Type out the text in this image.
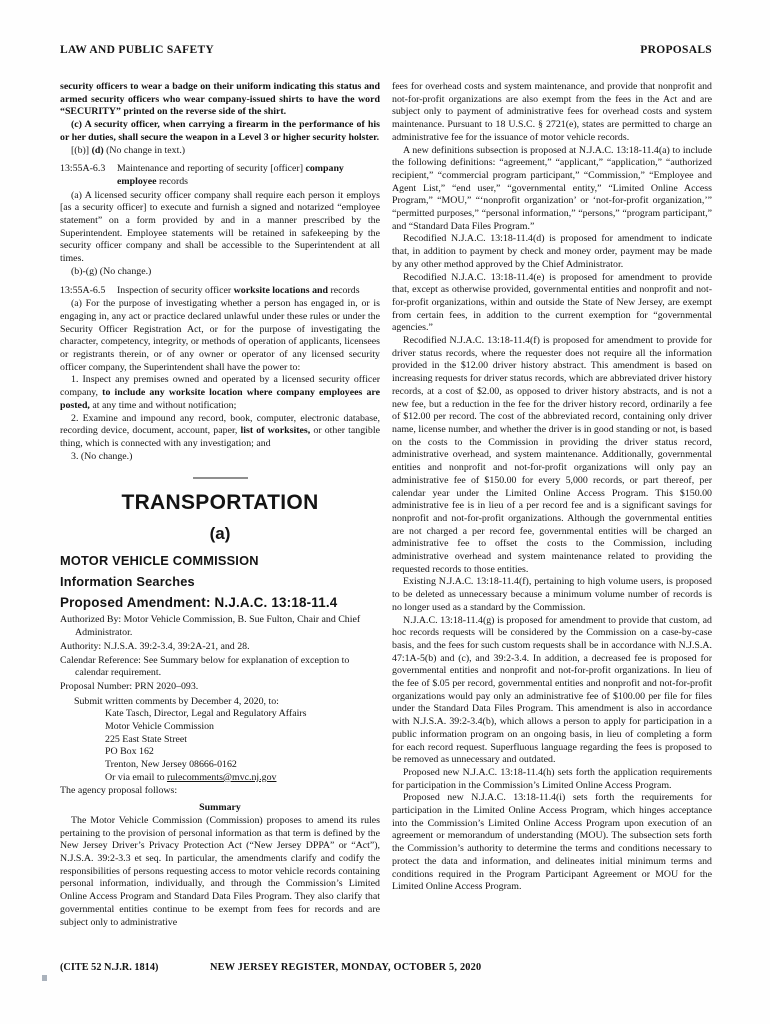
LAW AND PUBLIC SAFETY	PROPOSALS

security officers to wear a badge on their uniform indicating this status and armed security officers who wear company-issued shirts to have the word “SECURITY” printed on the reverse side of the shirt.

(c) A security officer, when carrying a firearm in the performance of his or her duties, shall secure the weapon in a Level 3 or higher security holster.

[(b)] (d) (No change in text.)

13:55A-6.3	Maintenance and reporting of security [officer] company employee records

(a) A licensed security officer company shall require each person it employs [as a security officer] to execute and furnish a signed and notarized “employee statement” on a form provided by and in a manner prescribed by the Superintendent. Employee statements will be retained in safekeeping by the security officer company and shall be accessible to the Superintendent at all times.

(b)-(g) (No change.)

13:55A-6.5	Inspection of security officer worksite locations and records

(a) For the purpose of investigating whether a person has engaged in, or is engaging in, any act or practice declared unlawful under these rules or under the Security Officer Registration Act, or for the purpose of investigating the character, competency, integrity, or methods of operation of applicants, licensees or registrants therein, or of any owner or operator of any licensed security officer company, the Superintendent shall have the power to:

1. Inspect any premises owned and operated by a licensed security officer company, to include any worksite location where company employees are posted, at any time and without notification;

2. Examine and impound any record, book, computer, electronic database, recording device, document, account, paper, list of worksites, or other tangible thing, which is connected with any investigation; and

3. (No change.)

TRANSPORTATION
(a)
MOTOR VEHICLE COMMISSION
Information Searches
Proposed Amendment: N.J.A.C. 13:18-11.4

Authorized By: Motor Vehicle Commission, B. Sue Fulton, Chair and Chief Administrator.

Authority: N.J.S.A. 39:2-3.4, 39:2A-21, and 28.

Calendar Reference: See Summary below for explanation of exception to calendar requirement.

Proposal Number: PRN 2020–093.

Submit written comments by December 4, 2020, to:

Kate Tasch, Director, Legal and Regulatory Affairs
Motor Vehicle Commission
225 East State Street
PO Box 162
Trenton, New Jersey 08666-0162
Or via email to rulecomments@mvc.nj.gov

The agency proposal follows:

Summary

The Motor Vehicle Commission (Commission) proposes to amend its rules pertaining to the provision of personal information as that term is defined by the New Jersey Driver’s Privacy Protection Act (“New Jersey DPPA” or “Act”), N.J.S.A. 39:2-3.3 et seq. In particular, the amendments clarify and codify the responsibilities of persons requesting access to motor vehicle records containing personal information, individually, and through the Commission’s Limited Online Access Program and Standard Data Files Program. They also clarify that governmental entities continue to be exempt from fees for records and are subject only to administrative

fees for overhead costs and system maintenance, and provide that nonprofit and not-for-profit organizations are also exempt from the fees in the Act and are subject only to payment of administrative fees for overhead costs and system maintenance. Pursuant to 18 U.S.C. § 2721(e), states are permitted to charge an administrative fee for the issuance of motor vehicle records.

A new definitions subsection is proposed at N.J.A.C. 13:18-11.4(a) to include the following definitions: “agreement,” “applicant,” “application,” “authorized recipient,” “commercial program participant,” “Commission,” “Employee and Agent List,” “end user,” “governmental entity,” “Limited Online Access Program,” “MOU,” “‘nonprofit organization’ or ‘not-for-profit organization,’” “permitted purposes,” “personal information,” “persons,” “program participant,” and “Standard Data Files Program.”

Recodified N.J.A.C. 13:18-11.4(d) is proposed for amendment to indicate that, in addition to payment by check and money order, payment may be made by any other method approved by the Chief Administrator.

Recodified N.J.A.C. 13:18-11.4(e) is proposed for amendment to provide that, except as otherwise provided, governmental entities and nonprofit and not-for-profit organizations, within and outside the State of New Jersey, are exempt from certain fees, in addition to the current exemption for “governmental agencies.”

Recodified N.J.A.C. 13:18-11.4(f) is proposed for amendment to provide for driver status records, where the requester does not require all the information provided in the $12.00 driver history abstract. This amendment is based on increasing requests for driver status records, which are abbreviated driver history records, at a cost of $2.00, as opposed to driver history abstracts, and is not a new fee, but a reduction in the fee for the driver history record, ordinarily a fee of $12.00 per record. The cost of the abbreviated record, containing only driver name, license number, and whether the driver is in good standing or not, is based on the costs to the Commission in providing the driver status record, administrative overhead, and system maintenance. Additionally, governmental entities and nonprofit and not-for-profit organizations will only pay an administrative fee of $150.00 for every 5,000 records, or part thereof, per calendar year under the Limited Online Access Program. This $150.00 administrative fee is in lieu of a per record fee and is a significant savings for nonprofit and not-for-profit organizations. Although the governmental entities are not charged a per record fee, governmental entities will be charged an administrative fee to offset the costs to the Commission, including administrative overhead and system maintenance related to providing the requested records to those entities.

Existing N.J.A.C. 13:18-11.4(f), pertaining to high volume users, is proposed to be deleted as unnecessary because a minimum volume number of records is no longer used as a standard by the Commission.

N.J.A.C. 13:18-11.4(g) is proposed for amendment to provide that custom, ad hoc records requests will be considered by the Commission on a case-by-case basis, and the fees for such custom requests shall be in accordance with N.J.S.A. 47:1A-5(b) and (c), and 39:2-3.4. In addition, a decreased fee is proposed for governmental entities and nonprofit and not-for-profit organizations. In lieu of the fee of $.05 per record, governmental entities and nonprofit and not-for-profit organizations would pay only an administrative fee of $100.00 per file for files under the Standard Data Files Program. This amendment is also in accordance with N.J.S.A. 39:2-3.4(b), which allows a person to apply for participation in a public information program on an ongoing basis, in lieu of completing a form for each record request. Superfluous language regarding the fees is proposed to be removed as unnecessary and outdated.

Proposed new N.J.A.C. 13:18-11.4(h) sets forth the application requirements for participation in the Commission’s Limited Online Access Program.

Proposed new N.J.A.C. 13:18-11.4(i) sets forth the requirements for participation in the Limited Online Access Program, which hinges acceptance into the Commission’s Limited Online Access Program upon execution of an agreement or memorandum of understanding (MOU). The subsection sets forth the Commission’s authority to determine the terms and conditions necessary to protect the data and information, and delineates initial minimum terms and conditions required in the Program Participant Agreement or MOU for the Limited Online Access Program.

(CITE 52 N.J.R. 1814)	NEW JERSEY REGISTER, MONDAY, OCTOBER 5, 2020
